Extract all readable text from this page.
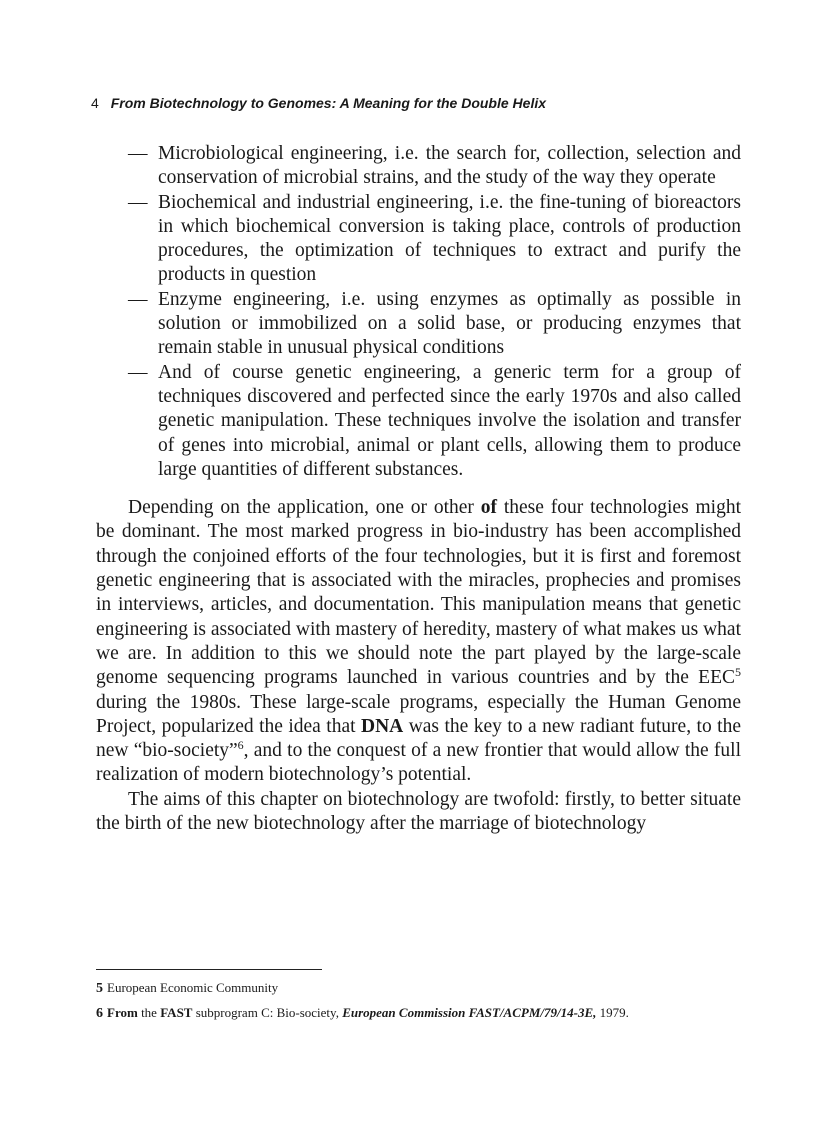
4 From Biotechnology to Genomes: A Meaning for the Double Helix
— Microbiological engineering, i.e. the search for, collection, selection and conservation of microbial strains, and the study of the way they operate
— Biochemical and industrial engineering, i.e. the fine-tuning of bioreactors in which biochemical conversion is taking place, controls of production procedures, the optimization of techniques to extract and purify the products in question
— Enzyme engineering, i.e. using enzymes as optimally as possible in solution or immobilized on a solid base, or producing enzymes that remain stable in unusual physical conditions
— And of course genetic engineering, a generic term for a group of techniques discovered and perfected since the early 1970s and also called genetic manipulation. These techniques involve the isolation and transfer of genes into microbial, animal or plant cells, allowing them to produce large quantities of different substances.

Depending on the application, one or other of these four technologies might be dominant. The most marked progress in bio-industry has been accomplished through the conjoined efforts of the four technologies, but it is first and foremost genetic engineering that is associated with the miracles, prophecies and promises in interviews, articles, and documentation. This manipulation means that genetic engineering is associated with mastery of heredity, mastery of what makes us what we are. In addition to this we should note the part played by the large-scale genome sequencing programs launched in various countries and by the EEC$^5$ during the 1980s. These large-scale programs, especially the Human Genome Project, popularized the idea that DNA was the key to a new radiant future, to the new “bio-society”$^6$, and to the conquest of a new frontier that would allow the full realization of modern biotechnology’s potential.

The aims of this chapter on biotechnology are twofold: firstly, to better situate the birth of the new biotechnology after the marriage of biotechnology

5 European Economic Community

6 From the FAST subprogram C: Bio-society, European Commission FAST/ACPM/79/14-3E, 1979.
